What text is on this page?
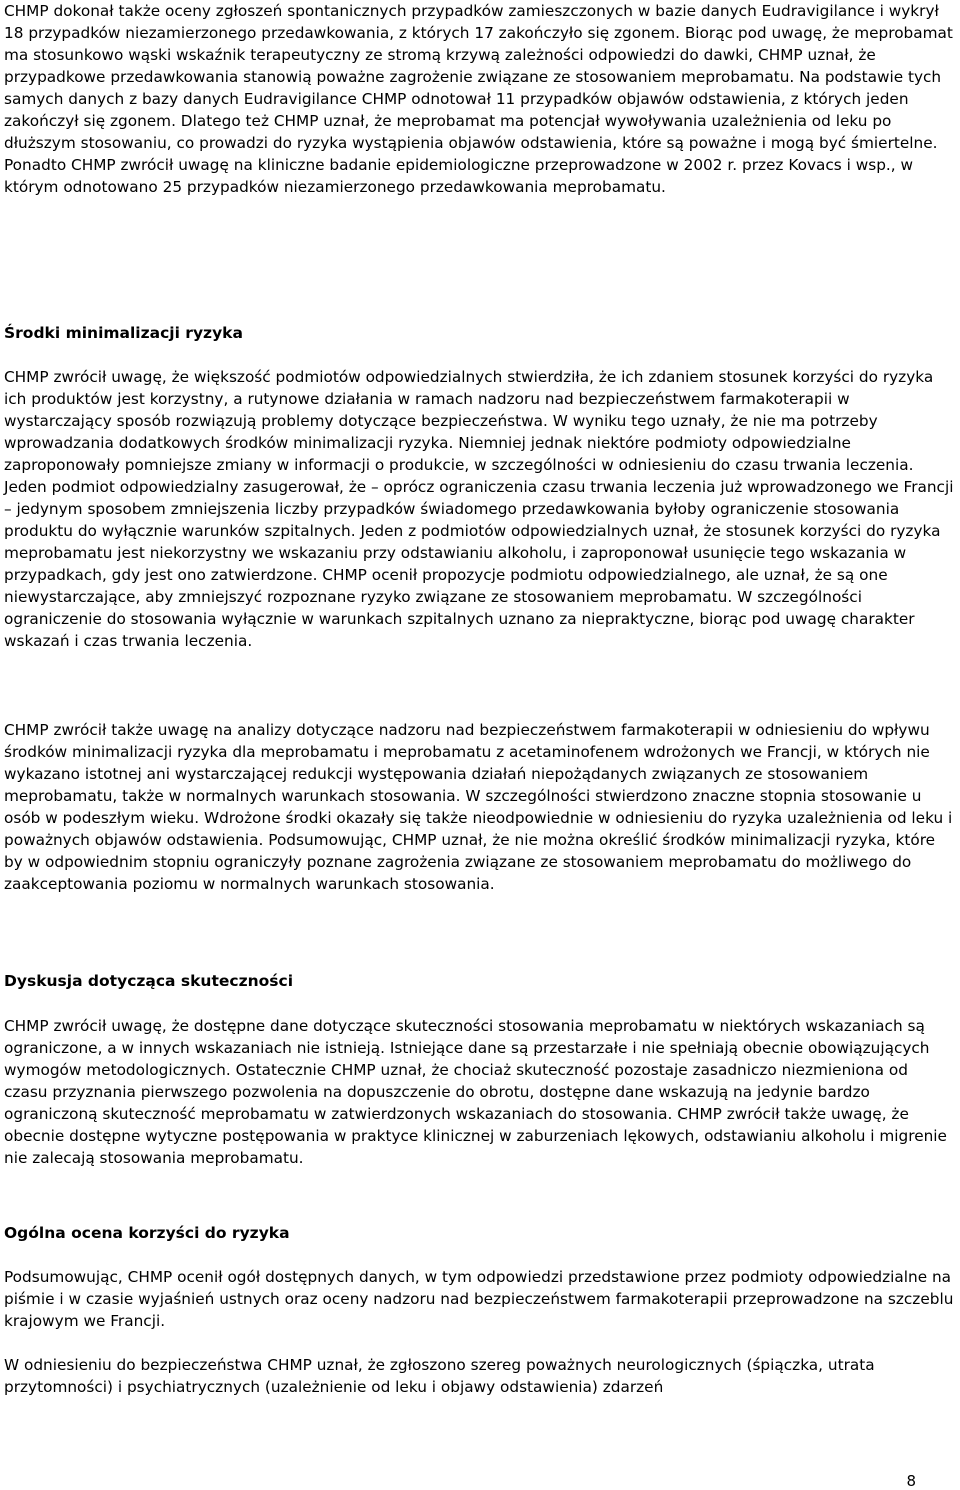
CHMP dokonał także oceny zgłoszeń spontanicznych przypadków zamieszczonych w bazie danych Eudravigilance i wykrył 18 przypadków niezamierzonego przedawkowania, z których 17 zakończyło się zgonem. Biorąc pod uwagę, że meprobamat ma stosunkowo wąski wskaźnik terapeutyczny ze stromą krzywą zależności odpowiedzi do dawki, CHMP uznał, że przypadkowe przedawkowania stanowią poważne zagrożenie związane ze stosowaniem meprobamatu. Na podstawie tych samych danych z bazy danych Eudravigilance CHMP odnotował 11 przypadków objawów odstawienia, z których jeden zakończył się zgonem. Dlatego też CHMP uznał, że meprobamat ma potencjał wywoływania uzależnienia od leku po dłuższym stosowaniu, co prowadzi do ryzyka wystąpienia objawów odstawienia, które są poważne i mogą być śmiertelne. Ponadto CHMP zwrócił uwagę na kliniczne badanie epidemiologiczne przeprowadzone w 2002 r. przez Kovacs i wsp., w którym odnotowano 25 przypadków niezamierzonego przedawkowania meprobamatu.

Środki minimalizacji ryzyka

CHMP zwrócił uwagę, że większość podmiotów odpowiedzialnych stwierdziła, że ich zdaniem stosunek korzyści do ryzyka ich produktów jest korzystny, a rutynowe działania w ramach nadzoru nad bezpieczeństwem farmakoterapii w wystarczający sposób rozwiązują problemy dotyczące bezpieczeństwa. W wyniku tego uznały, że nie ma potrzeby wprowadzania dodatkowych środków minimalizacji ryzyka. Niemniej jednak niektóre podmioty odpowiedzialne zaproponowały pomniejsze zmiany w informacji o produkcie, w szczególności w odniesieniu do czasu trwania leczenia. Jeden podmiot odpowiedzialny zasugerował, że – oprócz ograniczenia czasu trwania leczenia już wprowadzonego we Francji – jedynym sposobem zmniejszenia liczby przypadków świadomego przedawkowania byłoby ograniczenie stosowania produktu do wyłącznie warunków szpitalnych. Jeden z podmiotów odpowiedzialnych uznał, że stosunek korzyści do ryzyka meprobamatu jest niekorzystny we wskazaniu przy odstawianiu alkoholu, i zaproponował usunięcie tego wskazania w przypadkach, gdy jest ono zatwierdzone. CHMP ocenił propozycje podmiotu odpowiedzialnego, ale uznał, że są one niewystarczające, aby zmniejszyć rozpoznane ryzyko związane ze stosowaniem meprobamatu. W szczególności ograniczenie do stosowania wyłącznie w warunkach szpitalnych uznano za niepraktyczne, biorąc pod uwagę charakter wskazań i czas trwania leczenia.

CHMP zwrócił także uwagę na analizy dotyczące nadzoru nad bezpieczeństwem farmakoterapii w odniesieniu do wpływu środków minimalizacji ryzyka dla meprobamatu i meprobamatu z acetaminofenem wdrożonych we Francji, w których nie wykazano istotnej ani wystarczającej redukcji występowania działań niepożądanych związanych ze stosowaniem meprobamatu, także w normalnych warunkach stosowania. W szczególności stwierdzono znaczne stopnia stosowanie u osób w podeszłym wieku. Wdrożone środki okazały się także nieodpowiednie w odniesieniu do ryzyka uzależnienia od leku i poważnych objawów odstawienia. Podsumowując, CHMP uznał, że nie można określić środków minimalizacji ryzyka, które by w odpowiednim stopniu ograniczyły poznane zagrożenia związane ze stosowaniem meprobamatu do możliwego do zaakceptowania poziomu w normalnych warunkach stosowania.

Dyskusja dotycząca skuteczności

CHMP zwrócił uwagę, że dostępne dane dotyczące skuteczności stosowania meprobamatu w niektórych wskazaniach są ograniczone, a w innych wskazaniach nie istnieją. Istniejące dane są przestarzałe i nie spełniają obecnie obowiązujących wymogów metodologicznych. Ostatecznie CHMP uznał, że chociaż skuteczność pozostaje zasadniczo niezmieniona od czasu przyznania pierwszego pozwolenia na dopuszczenie do obrotu, dostępne dane wskazują na jedynie bardzo ograniczoną skuteczność meprobamatu w zatwierdzonych wskazaniach do stosowania. CHMP zwrócił także uwagę, że obecnie dostępne wytyczne postępowania w praktyce klinicznej w zaburzeniach lękowych, odstawianiu alkoholu i migrenie nie zalecają stosowania meprobamatu.

Ogólna ocena korzyści do ryzyka

Podsumowując, CHMP ocenił ogół dostępnych danych, w tym odpowiedzi przedstawione przez podmioty odpowiedzialne na piśmie i w czasie wyjaśnień ustnych oraz oceny nadzoru nad bezpieczeństwem farmakoterapii przeprowadzone na szczeblu krajowym we Francji.

W odniesieniu do bezpieczeństwa CHMP uznał, że zgłoszono szereg poważnych neurologicznych (śpiączka, utrata przytomności) i psychiatrycznych (uzależnienie od leku i objawy odstawienia) zdarzeń

8
